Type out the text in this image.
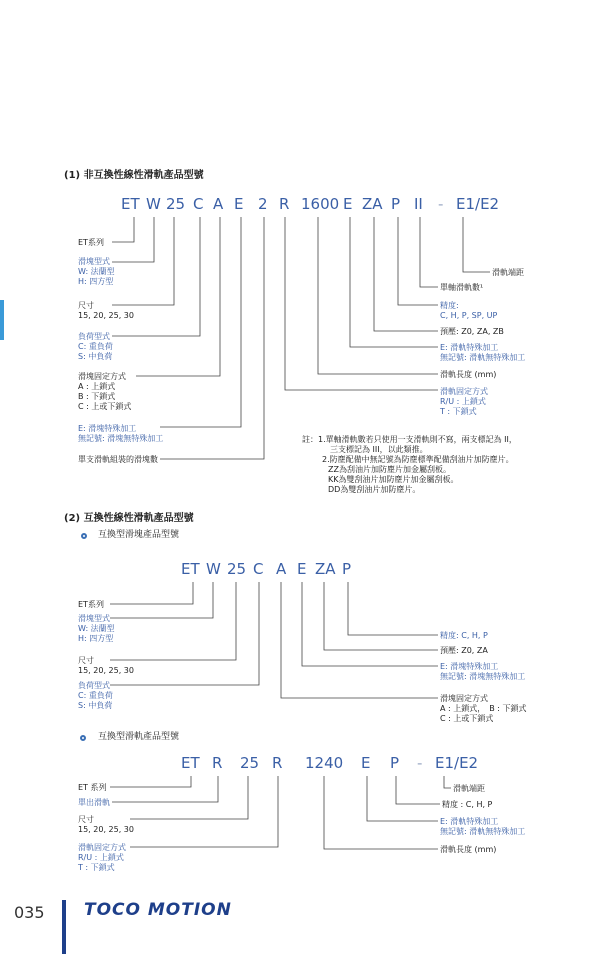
(1) 非互換性線性滑軌產品型號
ET W 25 C A E 2 R 1600 E ZA P II - E1/E2
ET系列
滑塊型式
W: 法蘭型
H: 四方型
尺寸
15, 20, 25, 30
負荷型式
C: 重負荷
S: 中負荷
滑塊固定方式
A : 上鎖式
B : 下鎖式
C : 上或下鎖式
E: 滑塊特殊加工
無記號: 滑塊無特殊加工
單支滑軌組裝的滑塊數
滑軌端距
單軸滑軌數¹
精度:
C, H, P, SP, UP
預壓: Z0, ZA, ZB
E: 滑軌特殊加工
無記號: 滑軌無特殊加工
滑軌長度 (mm)
滑軌固定方式
R/U : 上鎖式
T : 下鎖式
註：1.單軸滑軌數若只使用一支滑軌則不寫，兩支標記為 II，
三支標記為 III，以此類推。
2.防塵配備中無記號為防塵標準配備刮油片加防塵片。
ZZ為刮油片加防塵片加金屬刮板。
KK為雙刮油片加防塵片加金屬刮板。
DD為雙刮油片加防塵片。
(2) 互換性線性滑軌產品型號
互換型滑塊產品型號
ET W 25 C A E ZA P
ET系列
滑塊型式
W: 法蘭型
H: 四方型
尺寸
15, 20, 25, 30
負荷型式
C: 重負荷
S: 中負荷
精度: C, H, P
預壓: Z0, ZA
E: 滑塊特殊加工
無記號: 滑塊無特殊加工
滑塊固定方式
A : 上鎖式，　B : 下鎖式
C : 上或下鎖式
互換型滑軌產品型號
ET R 25 R 1240 E P - E1/E2
ET 系列
單出滑軌
尺寸
15, 20, 25, 30
滑軌固定方式
R/U : 上鎖式
T : 下鎖式
滑軌端距
精度 : C, H, P
E: 滑軌特殊加工
無記號: 滑軌無特殊加工
滑軌長度 (mm)
035 TOCO MOTION
